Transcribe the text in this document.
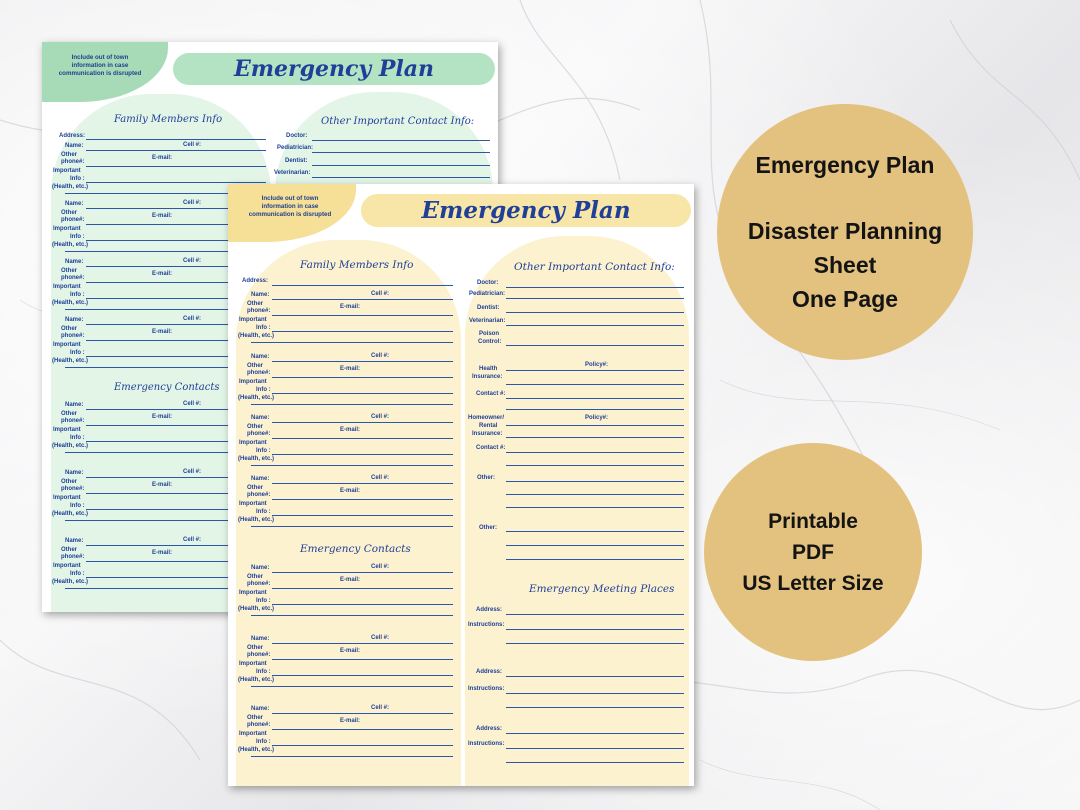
Include out of town information in case communication is disrupted	Emergency Plan
Family Members Info	Other Important Contact Info:
Emergency Contacts
Address:
Name:	Cell #:
Other	E-mail:
phone#:
Important
Info :
(Health, etc.)
Name:	Cell #:
Other	E-mail:
phone#:
Important
Info :
(Health, etc.)
Name:	Cell #:
Other	E-mail:
phone#:
Important
Info :
(Health, etc.)
Name:	Cell #:
Other	E-mail:
phone#:
Important
Info :
(Health, etc.)
Name:	Cell #:
Other	E-mail:
phone#:
Important
Info :
(Health, etc.)
Name:	Cell #:
Other	E-mail:
phone#:
Important
Info :
(Health, etc.)
Name:	Cell #:
Other	E-mail:
phone#:
Important
Info :
(Health, etc.)
Doctor:
Pediatrician:
Dentist:
Veterinarian:
Include out of town information in case communication is disrupted	Emergency Plan
Family Members Info	Other Important Contact Info:
Emergency Contacts
Emergency Meeting Places
Address:
Name:	Cell #:
Other	E-mail:
phone#:
Important
Info :
(Health, etc.)
Name:	Cell #:
Other	E-mail:
phone#:
Important
Info :
(Health, etc.)
Name:	Cell #:
Other	E-mail:
phone#:
Important
Info :
(Health, etc.)
Name:	Cell #:
Other	E-mail:
phone#:
Important
Info :
(Health, etc.)
Name:	Cell #:
Other	E-mail:
phone#:
Important
Info :
(Health, etc.)
Name:	Cell #:
Other	E-mail:
phone#:
Important
Info :
(Health, etc.)
Name:	Cell #:
Other	E-mail:
phone#:
Important
Info :
(Health, etc.)
Doctor:
Pediatrician:
Dentist:
Veterinarian:
Poison
Control:
Policy#:
Health
Insurance:
Contact #:
Homeowner/	Policy#:
Rental
Insurance:
Contact #:
Other:
Other:
Address:
Instructions:
Address:
Instructions:
Address:
Instructions:
Emergency Plan
Disaster Planning
Sheet
One Page
Printable
PDF
US Letter Size
